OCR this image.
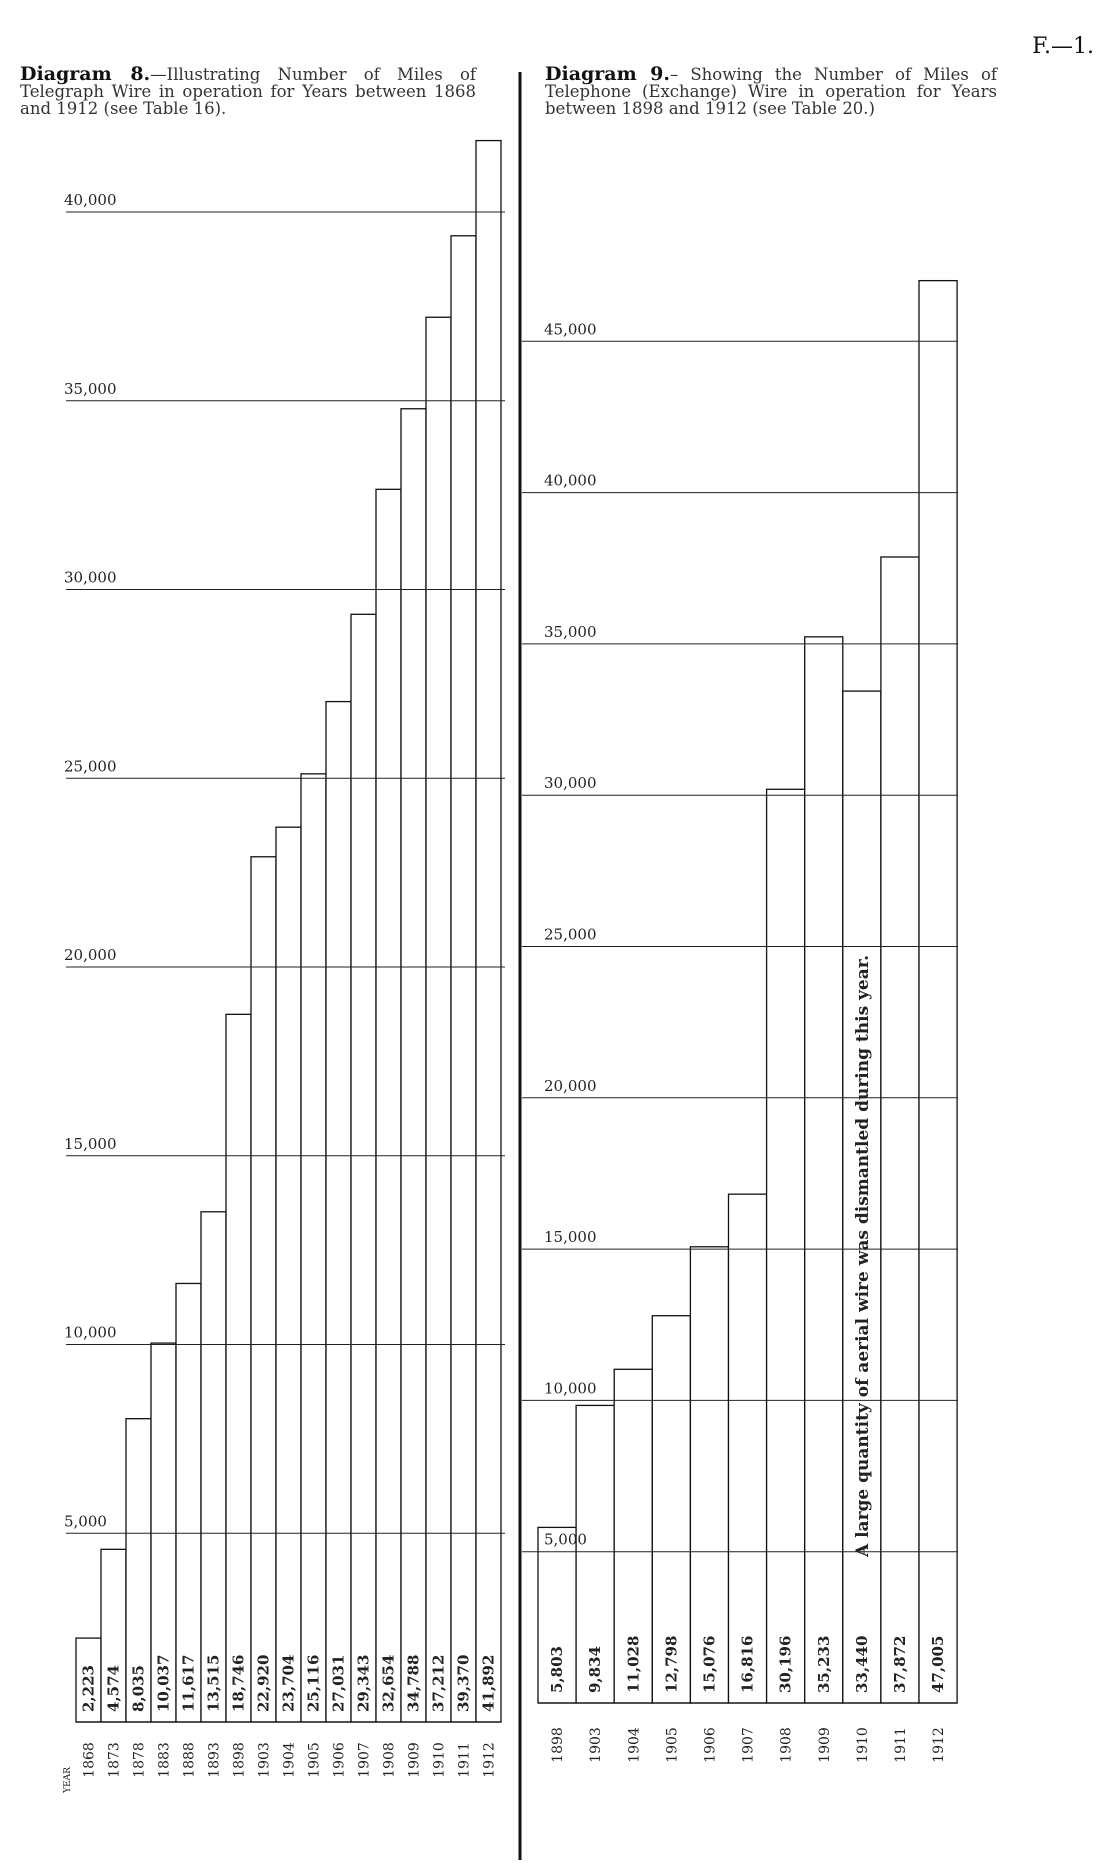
F.—1.
Diagram 8.—Illustrating Number of Miles of Telegraph Wire in operation for Years between 1868 and 1912 (see Table 16).
Diagram 9.– Showing the Number of Miles of Telephone (Exchange) Wire in operation for Years between 1898 and 1912 (see Table 20.)
5,000
10,000
15,000
20,000
25,000
30,000
35,000
40,000
2,223 4,574 8,035 10,037 11,617 13,515 18,746 22,920 23,704 25,116 27,031 29,343 32,654 34,788 37,212 39,370 41,892
1868 1873 1878 1883 1888 1893 1898 1903 1904 1905 1906 1907 1908 1909 1910 1911 1912
YEAR
5,000
10,000
15,000
20,000
25,000
30,000
35,000
40,000
45,000
5,803 9,834 11,028 12,798 15,076 16,816 30,196 35,233 33,440 37,872 47,005
1898 1903 1904 1905 1906 1907 1908 1909 1910 1911 1912
A large quantity of aerial wire was dismantled during this year.
